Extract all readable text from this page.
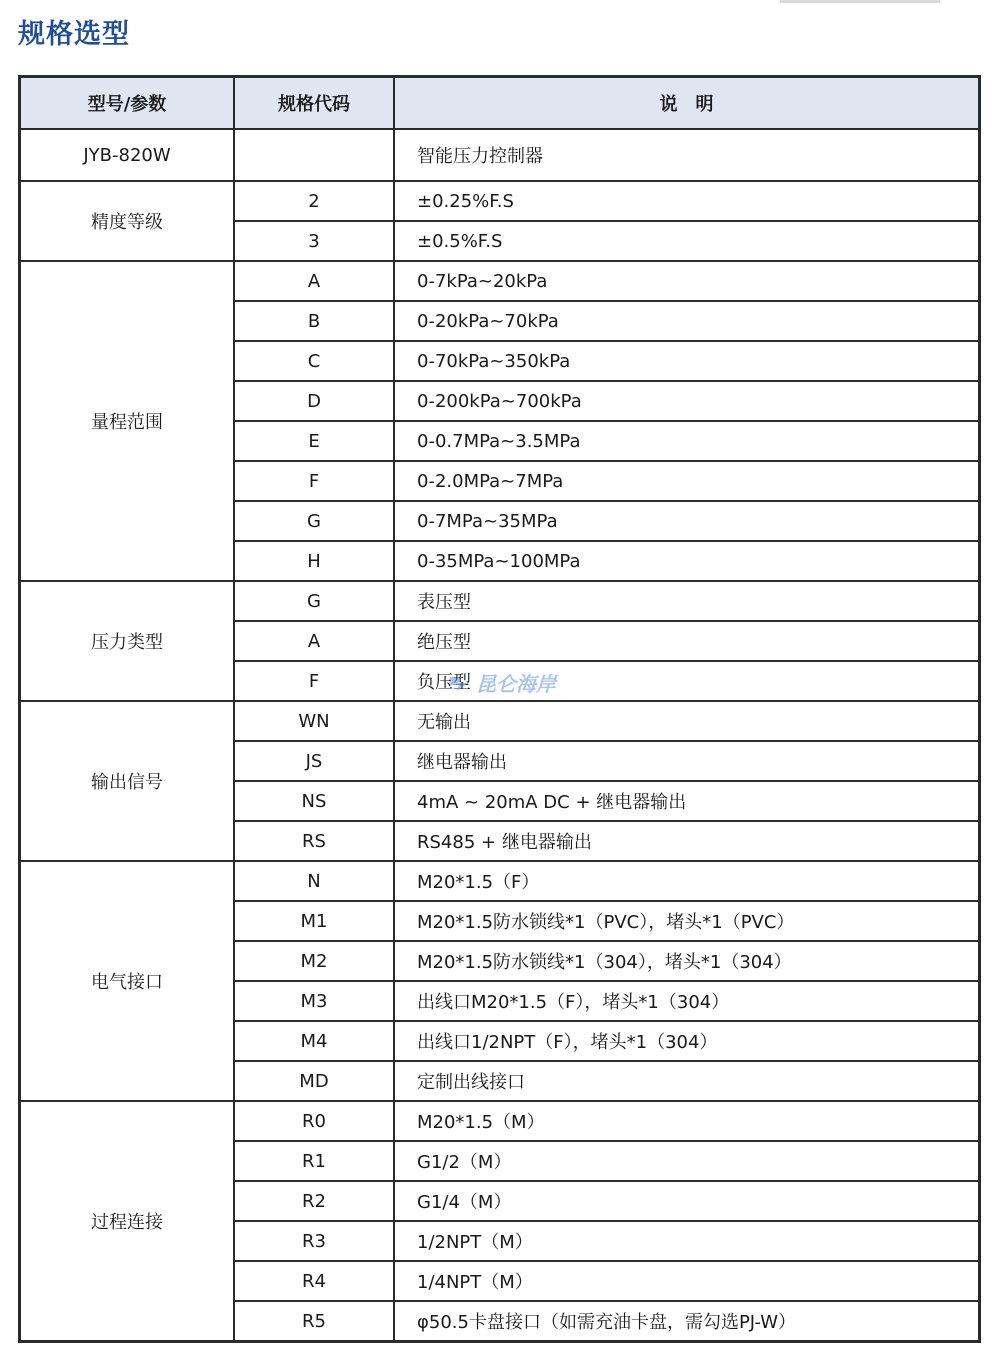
规格选型
型号/参数	规格代码	说　明
JYB-820W		智能压力控制器
精度等级	2	±0.25%F.S
	3	±0.5%F.S
量程范围	A	0-7kPa~20kPa
	B	0-20kPa~70kPa
	C	0-70kPa~350kPa
	D	0-200kPa~700kPa
	E	0-0.7MPa~3.5MPa
	F	0-2.0MPa~7MPa
	G	0-7MPa~35MPa
	H	0-35MPa~100MPa
压力类型	G	表压型
	A	绝压型
	F	负压型
输出信号	WN	无输出
	JS	继电器输出
	NS	4mA ~ 20mA DC + 继电器输出
	RS	RS485 + 继电器输出
电气接口	N	M20*1.5（F）
	M1	M20*1.5防水锁线*1（PVC），堵头*1（PVC）
	M2	M20*1.5防水锁线*1（304），堵头*1（304）
	M3	出线口M20*1.5（F），堵头*1（304）
	M4	出线口1/2NPT（F），堵头*1（304）
	MD	定制出线接口
过程连接	R0	M20*1.5（M）
	R1	G1/2（M）
	R2	G1/4（M）
	R3	1/2NPT（M）
	R4	1/4NPT（M）
	R5	φ50.5卡盘接口（如需充油卡盘，需勾选PJ-W）
昆仑海岸
